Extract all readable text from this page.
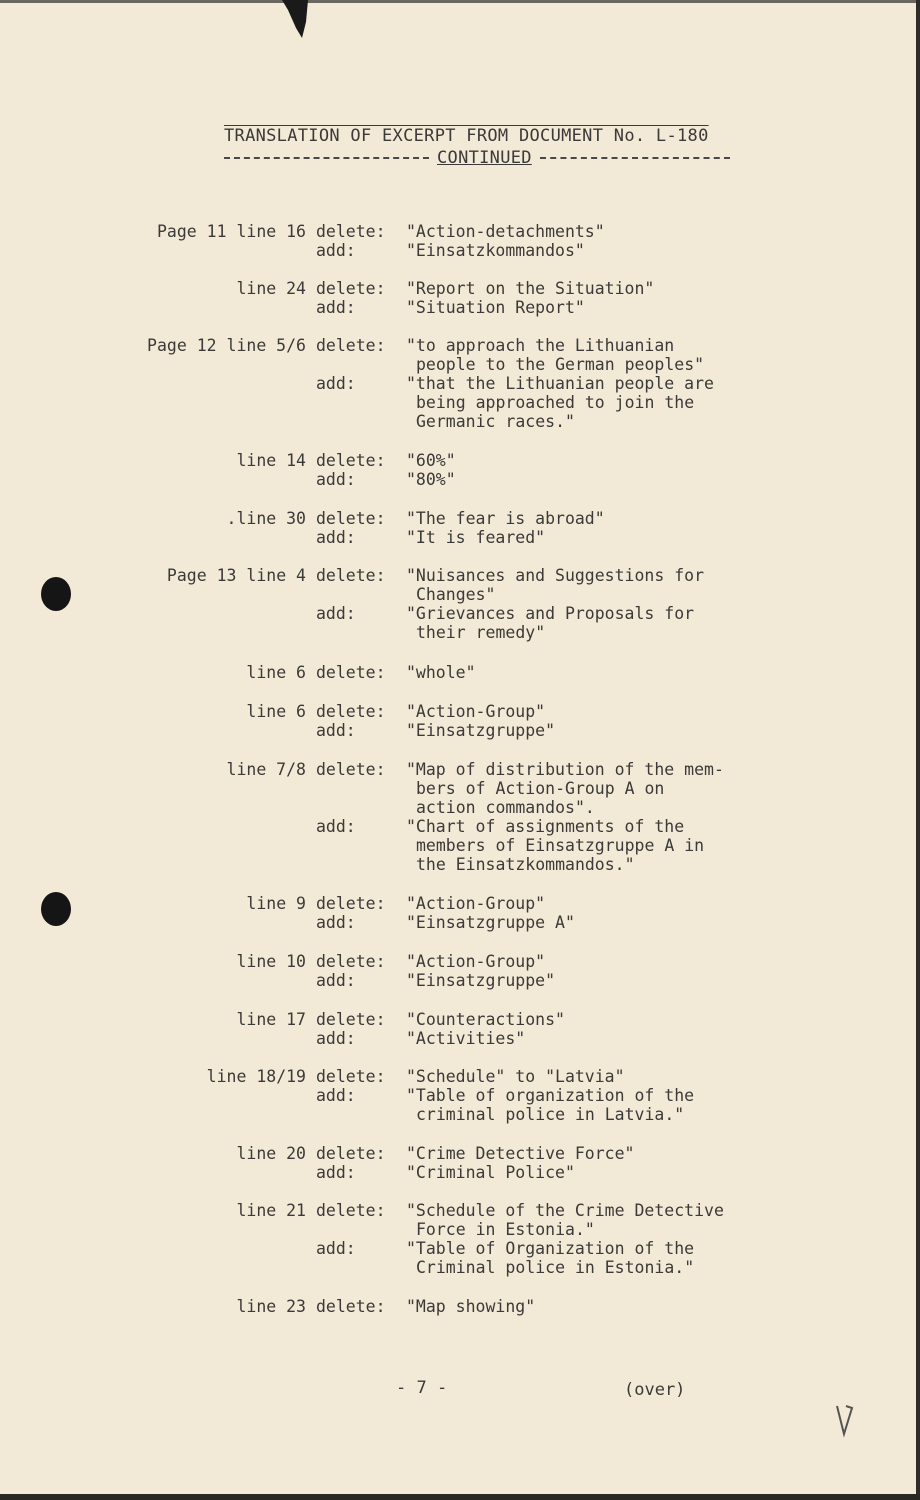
TRANSLATION OF EXCERPT FROM DOCUMENT No. L-180
CONTINUED
Page 11 line 16 delete:	"Action-detachments"
add:	"Einsatzkommandos"
line 24 delete:	"Report on the Situation"
add:	"Situation Report"
Page 12 line 5/6 delete:	"to approach the Lithuanian
people to the German peoples"
add:	"that the Lithuanian people are
being approached to join the
Germanic races."
line 14 delete:	"60%"
add:	"80%"
.line 30 delete:	"The fear is abroad"
add:	"It is feared"
Page 13 line 4 delete:	"Nuisances and Suggestions for
Changes"
add:	"Grievances and Proposals for
their remedy"
line 6 delete:	"whole"
line 6 delete:	"Action-Group"
add:	"Einsatzgruppe"
line 7/8 delete:	"Map of distribution of the mem-
bers of Action-Group A on
action commandos".
add:	"Chart of assignments of the
members of Einsatzgruppe A in
the Einsatzkommandos."
line 9 delete:	"Action-Group"
add:	"Einsatzgruppe A"
line 10 delete:	"Action-Group"
add:	"Einsatzgruppe"
line 17 delete:	"Counteractions"
add:	"Activities"
line 18/19 delete:	"Schedule" to "Latvia"
add:	"Table of organization of the
criminal police in Latvia."
line 20 delete:	"Crime Detective Force"
add:	"Criminal Police"
line 21 delete:	"Schedule of the Crime Detective
Force in Estonia."
add:	"Table of Organization of the
Criminal police in Estonia."
line 23 delete:	"Map showing"
- 7 -	(over)
